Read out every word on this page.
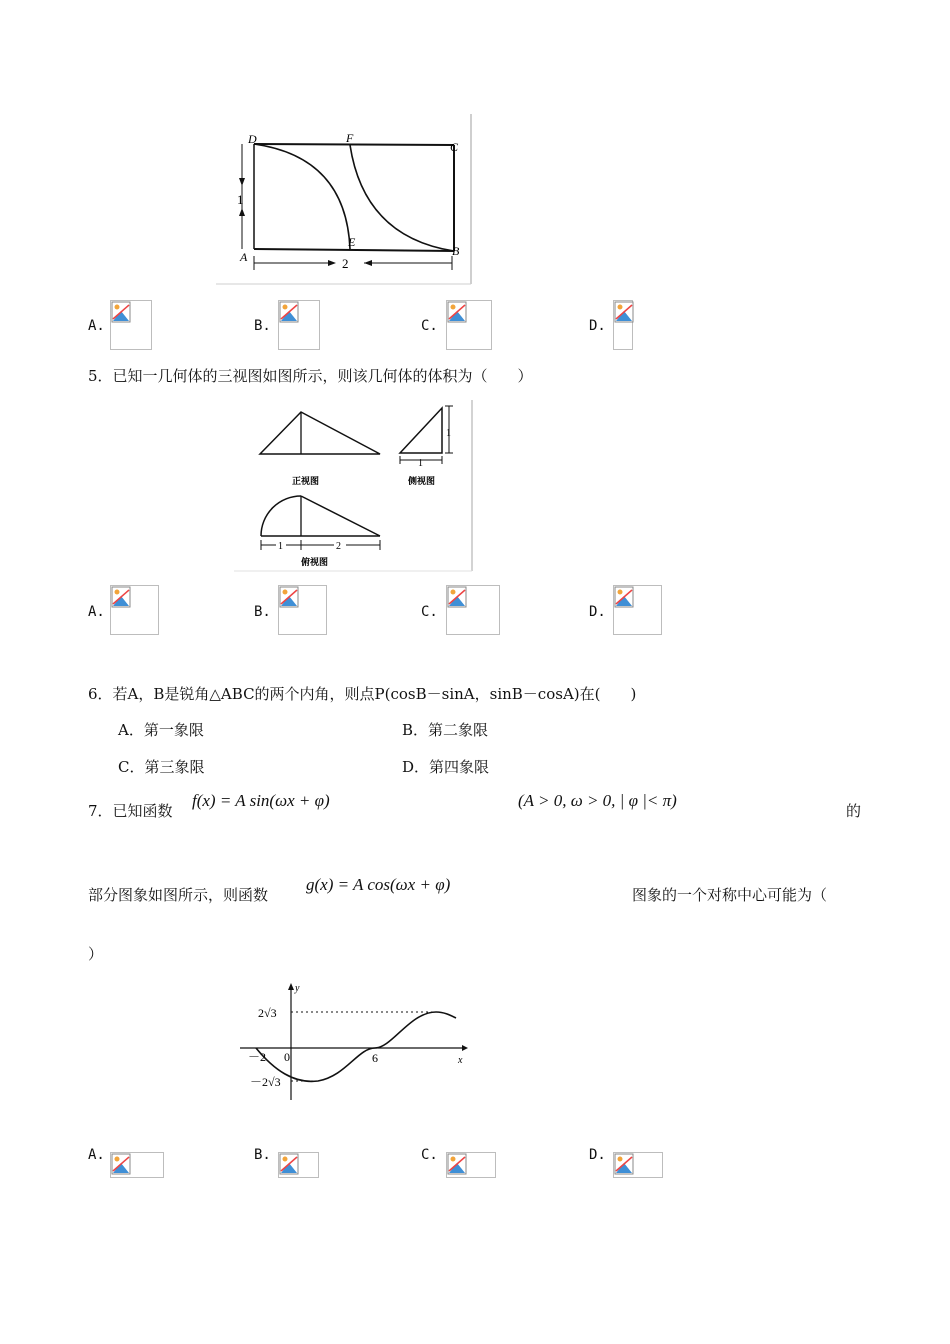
D	F
C
A
E
B
1
2
A.	B.	C.	D.
5．已知一几何体的三视图如图所示，则该几何体的体积为（　　）
正视图
1
1
侧视图
1	2
俯视图
A.	B.	C.	D.
6．若A，B是锐角△ABC的两个内角，则点P(cosB－sinA，sinB－cosA)在(　　)
A．第一象限	B．第二象限
C．第三象限	D．第四象限
7．已知函数
f(x) = A sin(ωx + φ)	(A > 0, ω > 0, | φ |< π)
的
部分图象如图所示，则函数
g(x) = A cos(ωx + φ)
图象的一个对称中心可能为（
）
x
y
2√3
－2√3
－2 0	6
A.	B.	C.	D.
